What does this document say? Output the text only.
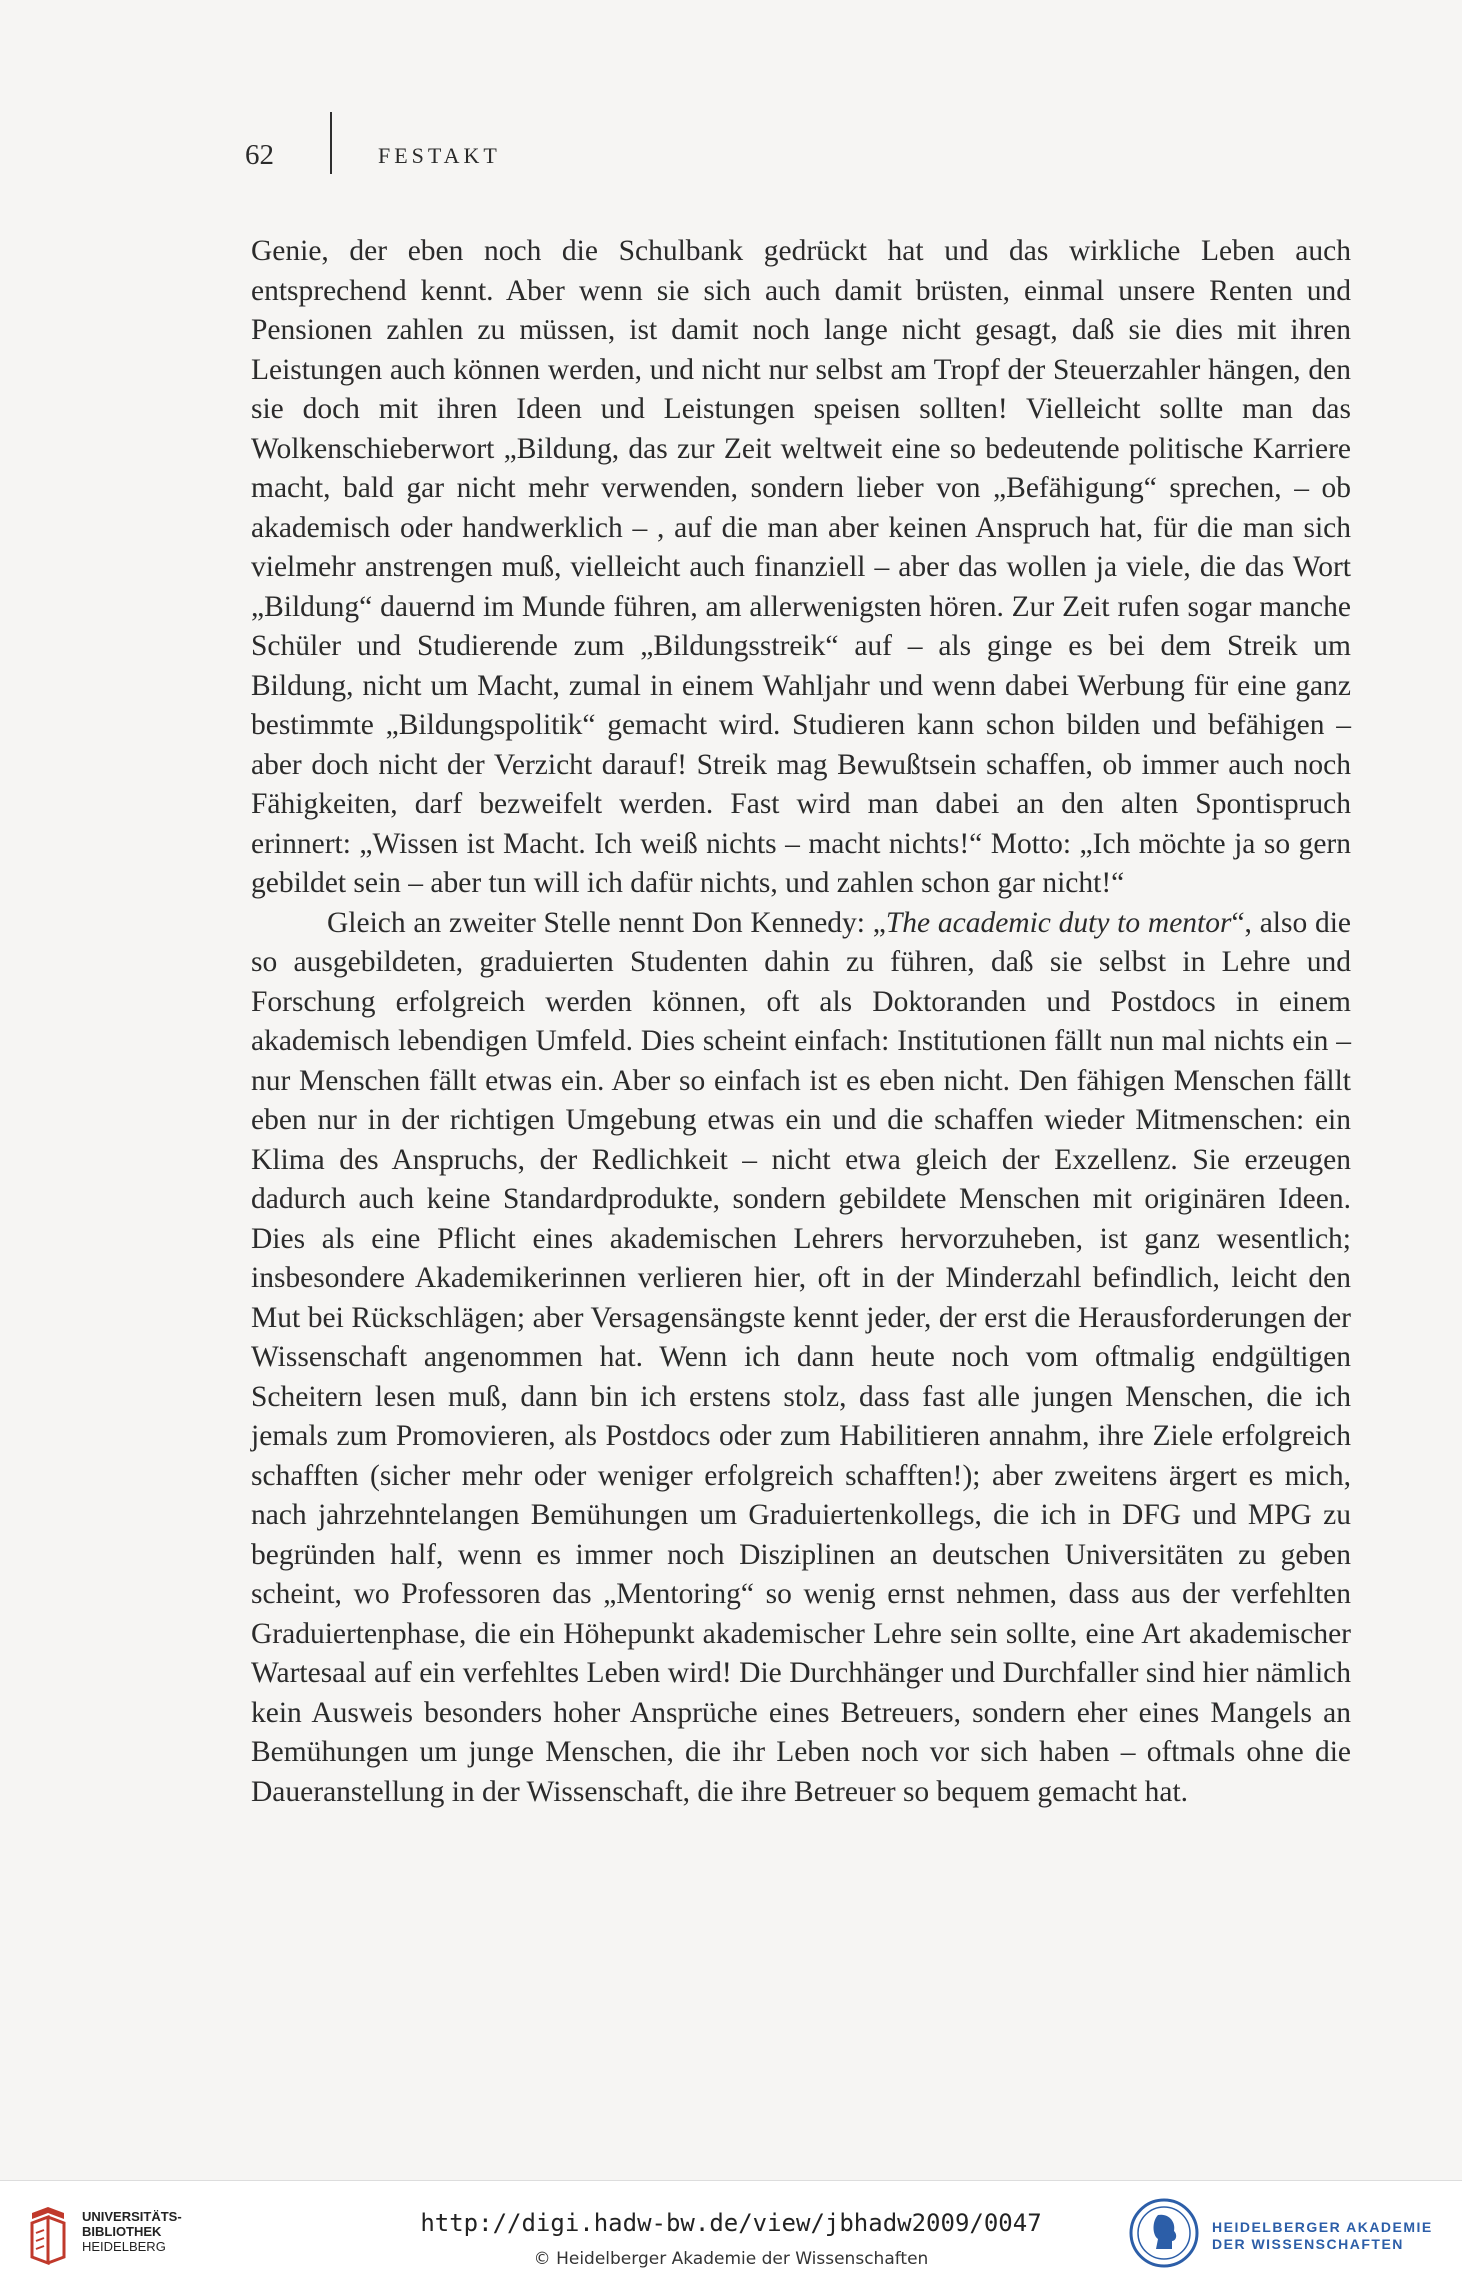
62	FESTAKT

Genie, der eben noch die Schulbank gedrückt hat und das wirkliche Leben auch entsprechend kennt. Aber wenn sie sich auch damit brüsten, einmal unsere Renten und Pensionen zahlen zu müssen, ist damit noch lange nicht gesagt, daß sie dies mit ihren Leistungen auch können werden, und nicht nur selbst am Tropf der Steuerzahler hängen, den sie doch mit ihren Ideen und Leistungen speisen sollten! Vielleicht sollte man das Wolkenschieberwort „Bildung, das zur Zeit weltweit eine so bedeutende politische Karriere macht, bald gar nicht mehr verwenden, sondern lieber von „Befähigung“ sprechen, – ob akademisch oder handwerklich – , auf die man aber keinen Anspruch hat, für die man sich vielmehr anstrengen muß, vielleicht auch finanziell – aber das wollen ja viele, die das Wort „Bildung“ dauernd im Munde führen, am allerwenigsten hören. Zur Zeit rufen sogar manche Schüler und Studierende zum „Bildungsstreik“ auf – als ginge es bei dem Streik um Bildung, nicht um Macht, zumal in einem Wahljahr und wenn dabei Werbung für eine ganz bestimmte „Bildungspolitik“ gemacht wird. Studieren kann schon bilden und befähigen – aber doch nicht der Verzicht darauf! Streik mag Bewußtsein schaffen, ob immer auch noch Fähigkeiten, darf bezweifelt werden. Fast wird man dabei an den alten Spontispruch erinnert: „Wissen ist Macht. Ich weiß nichts – macht nichts!“ Motto: „Ich möchte ja so gern gebildet sein – aber tun will ich dafür nichts, und zahlen schon gar nicht!“

Gleich an zweiter Stelle nennt Don Kennedy: „The academic duty to mentor“, also die so ausgebildeten, graduierten Studenten dahin zu führen, daß sie selbst in Lehre und Forschung erfolgreich werden können, oft als Doktoranden und Postdocs in einem akademisch lebendigen Umfeld. Dies scheint einfach: Institutionen fällt nun mal nichts ein – nur Menschen fällt etwas ein. Aber so einfach ist es eben nicht. Den fähigen Menschen fällt eben nur in der richtigen Umgebung etwas ein und die schaffen wieder Mitmenschen: ein Klima des Anspruchs, der Redlichkeit – nicht etwa gleich der Exzellenz. Sie erzeugen dadurch auch keine Standardprodukte, sondern gebildete Menschen mit originären Ideen. Dies als eine Pflicht eines akademischen Lehrers hervorzuheben, ist ganz wesentlich; insbesondere Akademikerinnen verlieren hier, oft in der Minderzahl befindlich, leicht den Mut bei Rückschlägen; aber Versagensängste kennt jeder, der erst die Herausforderungen der Wissenschaft angenommen hat. Wenn ich dann heute noch vom oftmalig endgültigen Scheitern lesen muß, dann bin ich erstens stolz, dass fast alle jungen Menschen, die ich jemals zum Promovieren, als Postdocs oder zum Habilitieren annahm, ihre Ziele erfolgreich schafften (sicher mehr oder weniger erfolgreich schafften!); aber zweitens ärgert es mich, nach jahrzehntelangen Bemühungen um Graduiertenkollegs, die ich in DFG und MPG zu begründen half, wenn es immer noch Disziplinen an deutschen Universitäten zu geben scheint, wo Professoren das „Mentoring“ so wenig ernst nehmen, dass aus der verfehlten Graduiertenphase, die ein Höhepunkt akademischer Lehre sein sollte, eine Art akademischer Wartesaal auf ein verfehltes Leben wird! Die Durchhänger und Durchfaller sind hier nämlich kein Ausweis besonders hoher Ansprüche eines Betreuers, sondern eher eines Mangels an Bemühungen um junge Menschen, die ihr Leben noch vor sich haben – oftmals ohne die Daueranstellung in der Wissenschaft, die ihre Betreuer so bequem gemacht hat.

UNIVERSITÄTS-
BIBLIOTHEK
HEIDELBERG
http://digi.hadw-bw.de/view/jbhadw2009/0047
© Heidelberger Akademie der Wissenschaften
HEIDELBERGER AKADEMIE
DER WISSENSCHAFTEN
